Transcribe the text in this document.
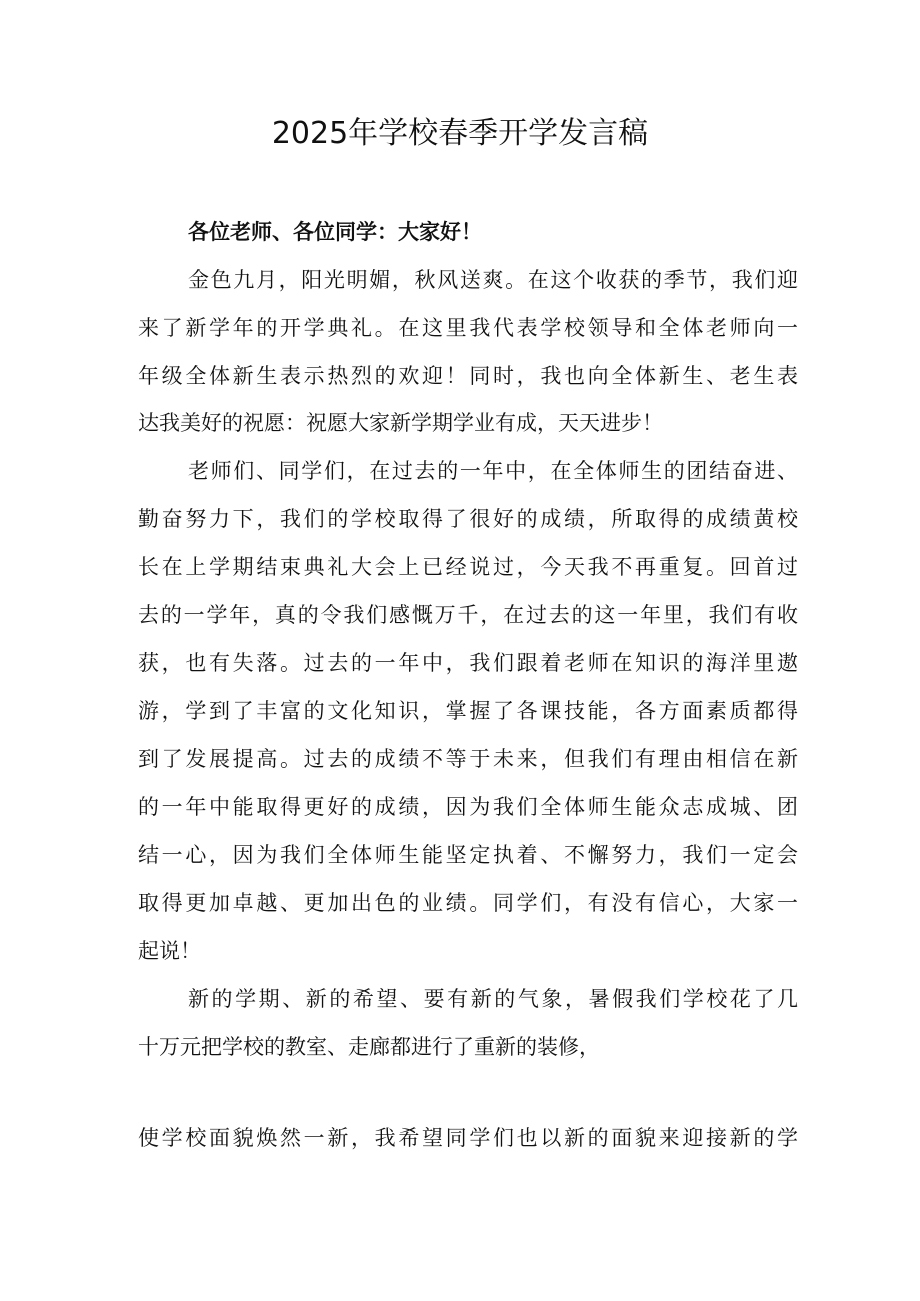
2025年学校春季开学发言稿
各位老师、各位同学：大家好！
金色九月，阳光明媚，秋风送爽。在这个收获的季节，我们迎
来了新学年的开学典礼。在这里我代表学校领导和全体老师向一
年级全体新生表示热烈的欢迎！同时，我也向全体新生、老生表
达我美好的祝愿：祝愿大家新学期学业有成，天天进步！
老师们、同学们，在过去的一年中，在全体师生的团结奋进、
勤奋努力下，我们的学校取得了很好的成绩，所取得的成绩黄校
长在上学期结束典礼大会上已经说过，今天我不再重复。回首过
去的一学年，真的令我们感慨万千，在过去的这一年里，我们有收
获，也有失落。过去的一年中，我们跟着老师在知识的海洋里遨
游，学到了丰富的文化知识，掌握了各课技能，各方面素质都得
到了发展提高。过去的成绩不等于未来，但我们有理由相信在新
的一年中能取得更好的成绩，因为我们全体师生能众志成城、团
结一心，因为我们全体师生能坚定执着、不懈努力，我们一定会
取得更加卓越、更加出色的业绩。同学们，有没有信心，大家一
起说！
新的学期、新的希望、要有新的气象，暑假我们学校花了几
十万元把学校的教室、走廊都进行了重新的装修，
使学校面貌焕然一新，我希望同学们也以新的面貌来迎接新的学
